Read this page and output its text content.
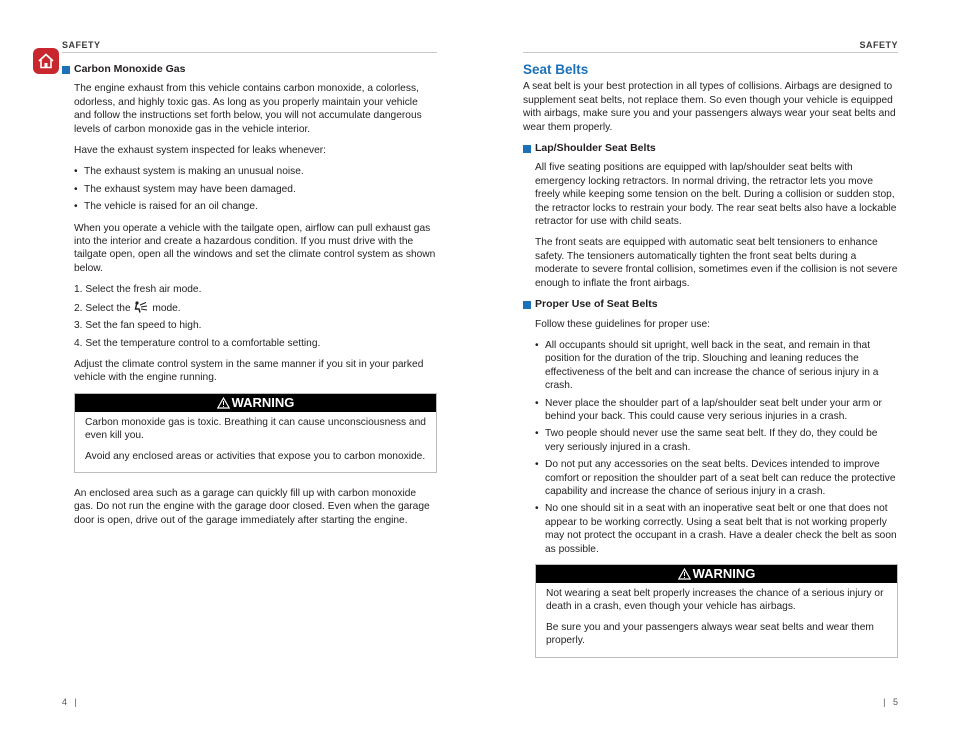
SAFETY
Carbon Monoxide Gas

The engine exhaust from this vehicle contains carbon monoxide, a colorless, odorless, and highly toxic gas. As long as you properly maintain your vehicle and follow the instructions set forth below, you will not accumulate dangerous levels of carbon monoxide gas in the vehicle interior.

Have the exhaust system inspected for leaks whenever:

• The exhaust system is making an unusual noise.
• The exhaust system may have been damaged.
• The vehicle is raised for an oil change.

When you operate a vehicle with the tailgate open, airflow can pull exhaust gas into the interior and create a hazardous condition. If you must drive with the tailgate open, open all the windows and set the climate control system as shown below.

1. Select the fresh air mode.
2. Select the mode.
3. Set the fan speed to high.
4. Set the temperature control to a comfortable setting.

Adjust the climate control system in the same manner if you sit in your parked vehicle with the engine running.

WARNING

Carbon monoxide gas is toxic. Breathing it can cause unconsciousness and even kill you.

Avoid any enclosed areas or activities that expose you to carbon monoxide.

An enclosed area such as a garage can quickly fill up with carbon monoxide gas. Do not run the engine with the garage door closed. Even when the garage door is open, drive out of the garage immediately after starting the engine.

4   |
SAFETY
Seat Belts

A seat belt is your best protection in all types of collisions. Airbags are designed to supplement seat belts, not replace them. So even though your vehicle is equipped with airbags, make sure you and your passengers always wear your seat belts and wear them properly.

Lap/Shoulder Seat Belts

All five seating positions are equipped with lap/shoulder seat belts with emergency locking retractors. In normal driving, the retractor lets you move freely while keeping some tension on the belt. During a collision or sudden stop, the retractor locks to restrain your body. The rear seat belts also have a lockable retractor for use with child seats.

The front seats are equipped with automatic seat belt tensioners to enhance safety. The tensioners automatically tighten the front seat belts during a moderate to severe frontal collision, sometimes even if the collision is not severe enough to inflate the front airbags.

Proper Use of Seat Belts

Follow these guidelines for proper use:

• All occupants should sit upright, well back in the seat, and remain in that position for the duration of the trip. Slouching and leaning reduces the effectiveness of the belt and can increase the chance of serious injury in a crash.
• Never place the shoulder part of a lap/shoulder seat belt under your arm or behind your back. This could cause very serious injuries in a crash.
• Two people should never use the same seat belt. If they do, they could be very seriously injured in a crash.
• Do not put any accessories on the seat belts. Devices intended to improve comfort or reposition the shoulder part of a seat belt can reduce the protective capability and increase the chance of serious injury in a crash.
• No one should sit in a seat with an inoperative seat belt or one that does not appear to be working correctly. Using a seat belt that is not working properly may not protect the occupant in a crash. Have a dealer check the belt as soon as possible.
WARNING

Not wearing a seat belt properly increases the chance of a serious injury or death in a crash, even though your vehicle has airbags.

Be sure you and your passengers always wear seat belts and wear them properly.

|   5
